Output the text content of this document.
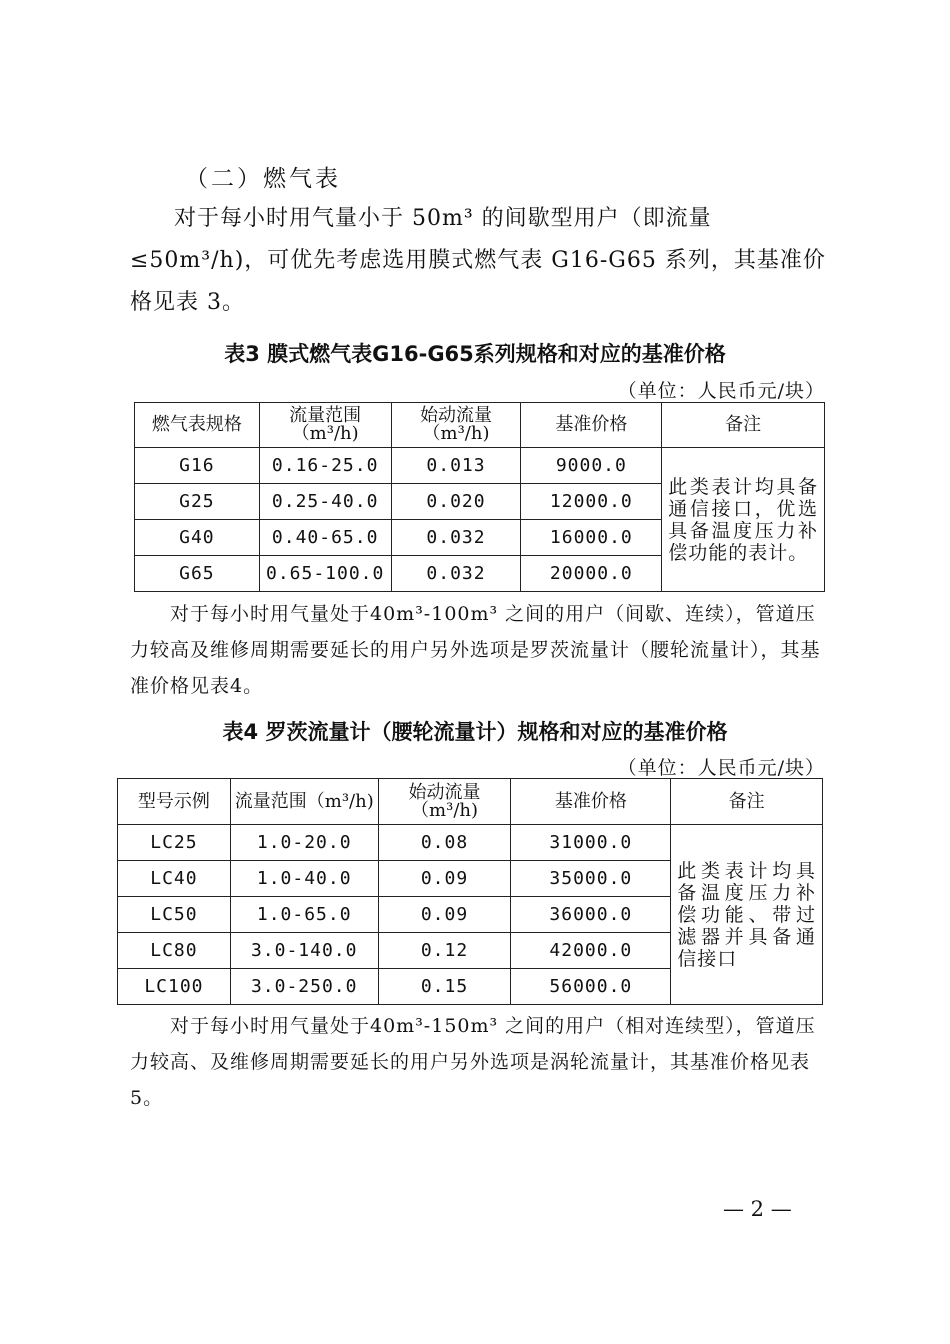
（二）燃气表
对于每小时用气量小于 50m³ 的间歇型用户（即流量≤50m³/h)，可优先考虑选用膜式燃气表 G16-G65 系列，其基准价格见表 3。
表3 膜式燃气表G16-G65系列规格和对应的基准价格
（单位：人民币元/块）
燃气表规格	流量范围（m³/h)	始动流量（m³/h)	基准价格	备注
G16	0.16-25.0	0.013	9000.0	此类表计均具备通信接口，优选具备温度压力补偿功能的表计。
G25	0.25-40.0	0.020	12000.0	
G40	0.40-65.0	0.032	16000.0	
G65	0.65-100.0	0.032	20000.0	
对于每小时用气量处于40m³-100m³ 之间的用户（间歇、连续），管道压力较高及维修周期需要延长的用户另外选项是罗茨流量计（腰轮流量计），其基准价格见表4。
表4 罗茨流量计（腰轮流量计）规格和对应的基准价格
（单位：人民币元/块）
型号示例	流量范围（m³/h)	始动流量（m³/h)	基准价格	备注
LC25	1.0-20.0	0.08	31000.0	此类表计均具备温度压力补偿功能、带过滤器并具备通信接口
LC40	1.0-40.0	0.09	35000.0	
LC50	1.0-65.0	0.09	36000.0	
LC80	3.0-140.0	0.12	42000.0	
LC100	3.0-250.0	0.15	56000.0	
对于每小时用气量处于40m³-150m³ 之间的用户（相对连续型），管道压力较高、及维修周期需要延长的用户另外选项是涡轮流量计，其基准价格见表5。
— 2 —
